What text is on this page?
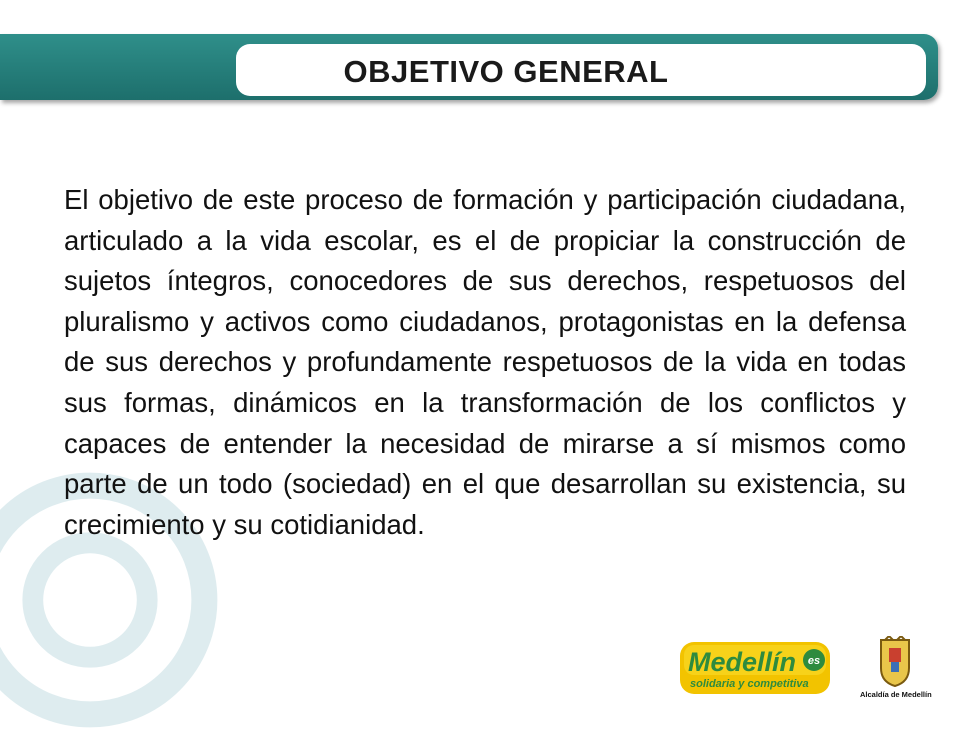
OBJETIVO GENERAL
El objetivo de este proceso de formación y participación ciudadana, articulado a la vida escolar, es el de propiciar la construcción de sujetos íntegros, conocedores de sus derechos, respetuosos del pluralismo y activos como ciudadanos, protagonistas en la defensa de sus derechos y profundamente respetuosos de la vida en todas sus formas, dinámicos en la transformación de los conflictos y capaces de entender la necesidad de mirarse a sí mismos como parte de un todo (sociedad) en el que desarrollan su existencia, su crecimiento y su cotidianidad.
Medellín es
solidaria y competitiva
Alcaldía de Medellín
